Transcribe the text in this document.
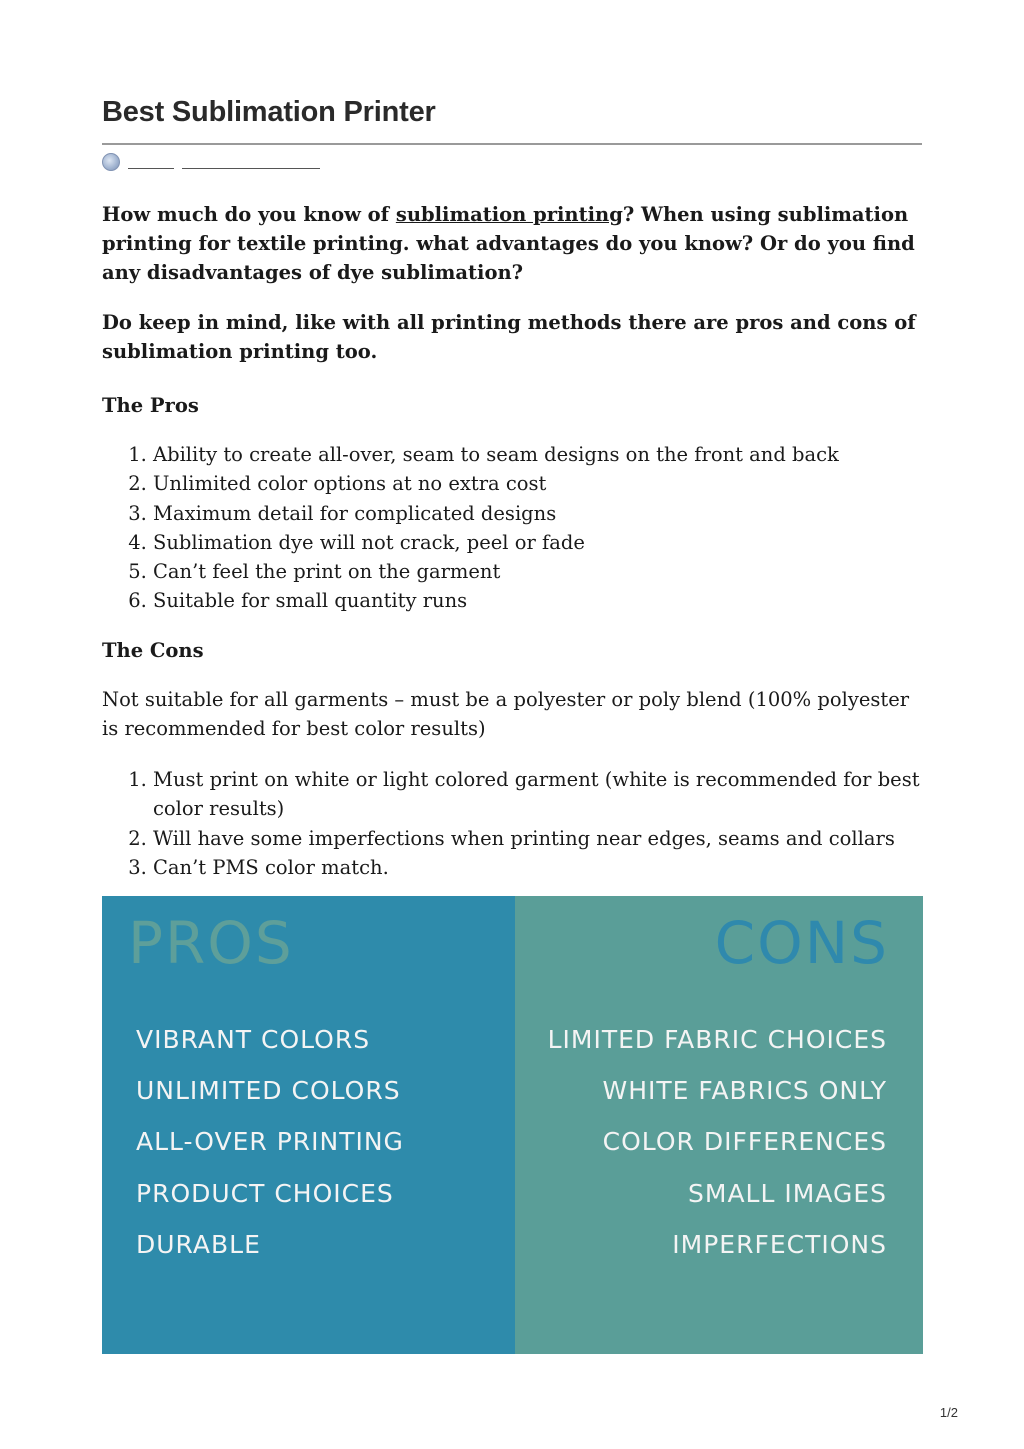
Best Sublimation Printer

How much do you know of sublimation printing? When using sublimation printing for textile printing. what advantages do you know? Or do you find any disadvantages of dye sublimation?

Do keep in mind, like with all printing methods there are pros and cons of sublimation printing too.

The Pros

1. Ability to create all-over, seam to seam designs on the front and back
2. Unlimited color options at no extra cost
3. Maximum detail for complicated designs
4. Sublimation dye will not crack, peel or fade
5. Can’t feel the print on the garment
6. Suitable for small quantity runs

The Cons

Not suitable for all garments – must be a polyester or poly blend (100% polyester is recommended for best color results)

1. Must print on white or light colored garment (white is recommended for best color results)
2. Will have some imperfections when printing near edges, seams and collars
3. Can’t PMS color match.
PROS
VIBRANT COLORS
UNLIMITED COLORS
ALL-OVER PRINTING
PRODUCT CHOICES
DURABLE
CONS
LIMITED FABRIC CHOICES
WHITE FABRICS ONLY
COLOR DIFFERENCES
SMALL IMAGES
IMPERFECTIONS
1/2
